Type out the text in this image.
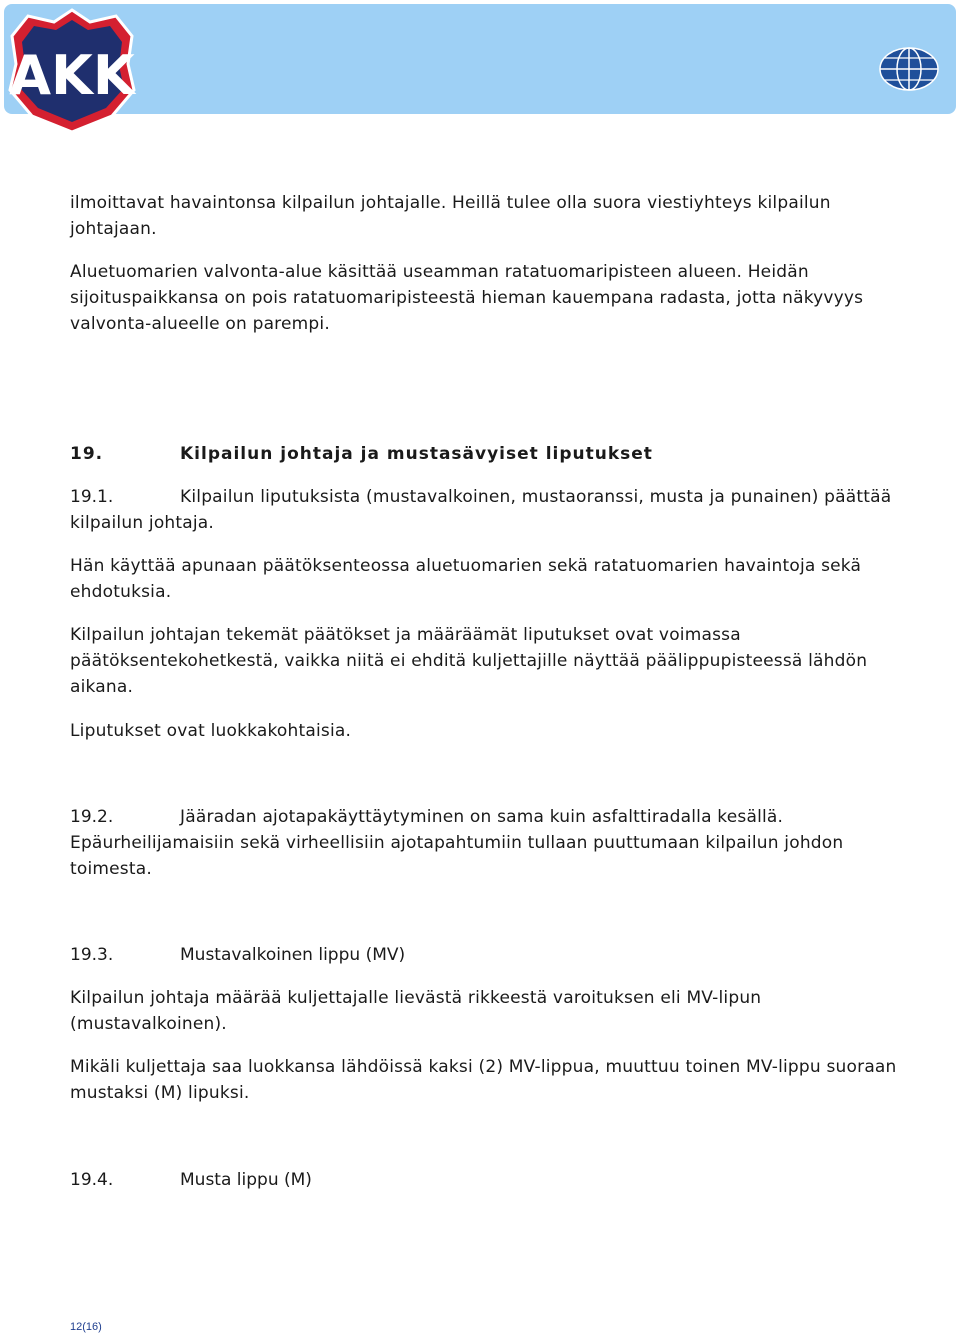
AKK

ilmoittavat havaintonsa kilpailun johtajalle. Heillä tulee olla suora viestiyhteys kilpailun johtajaan.

Aluetuomarien valvonta-alue käsittää useamman ratatuomaripisteen alueen. Heidän sijoituspaikkansa on pois ratatuomaripisteestä hieman kauempana radasta, jotta näkyvyys valvonta-alueelle on parempi.

19.	Kilpailun johtaja ja mustasävyiset liputukset

19.1.	Kilpailun liputuksista (mustavalkoinen, mustaoranssi, musta ja punainen) päättää kilpailun johtaja.

Hän käyttää apunaan päätöksenteossa aluetuomarien sekä ratatuomarien havaintoja sekä ehdotuksia.

Kilpailun johtajan tekemät päätökset ja määräämät liputukset ovat voimassa päätöksentekohetkestä, vaikka niitä ei ehditä kuljettajille näyttää päälippupisteessä lähdön aikana.

Liputukset ovat luokkakohtaisia.

19.2.	Jääradan ajotapakäyttäytyminen on sama kuin asfalttiradalla kesällä. Epäurheilijamaisiin sekä virheellisiin ajotapahtumiin tullaan puuttumaan kilpailun johdon toimesta.

19.3.	Mustavalkoinen lippu (MV)

Kilpailun johtaja määrää kuljettajalle lievästä rikkeestä varoituksen eli MV-lipun (mustavalkoinen).

Mikäli kuljettaja saa luokkansa lähdöissä kaksi (2) MV-lippua, muuttuu toinen MV-lippu suoraan mustaksi (M) lipuksi.

19.4.	Musta lippu (M)

12(16)
